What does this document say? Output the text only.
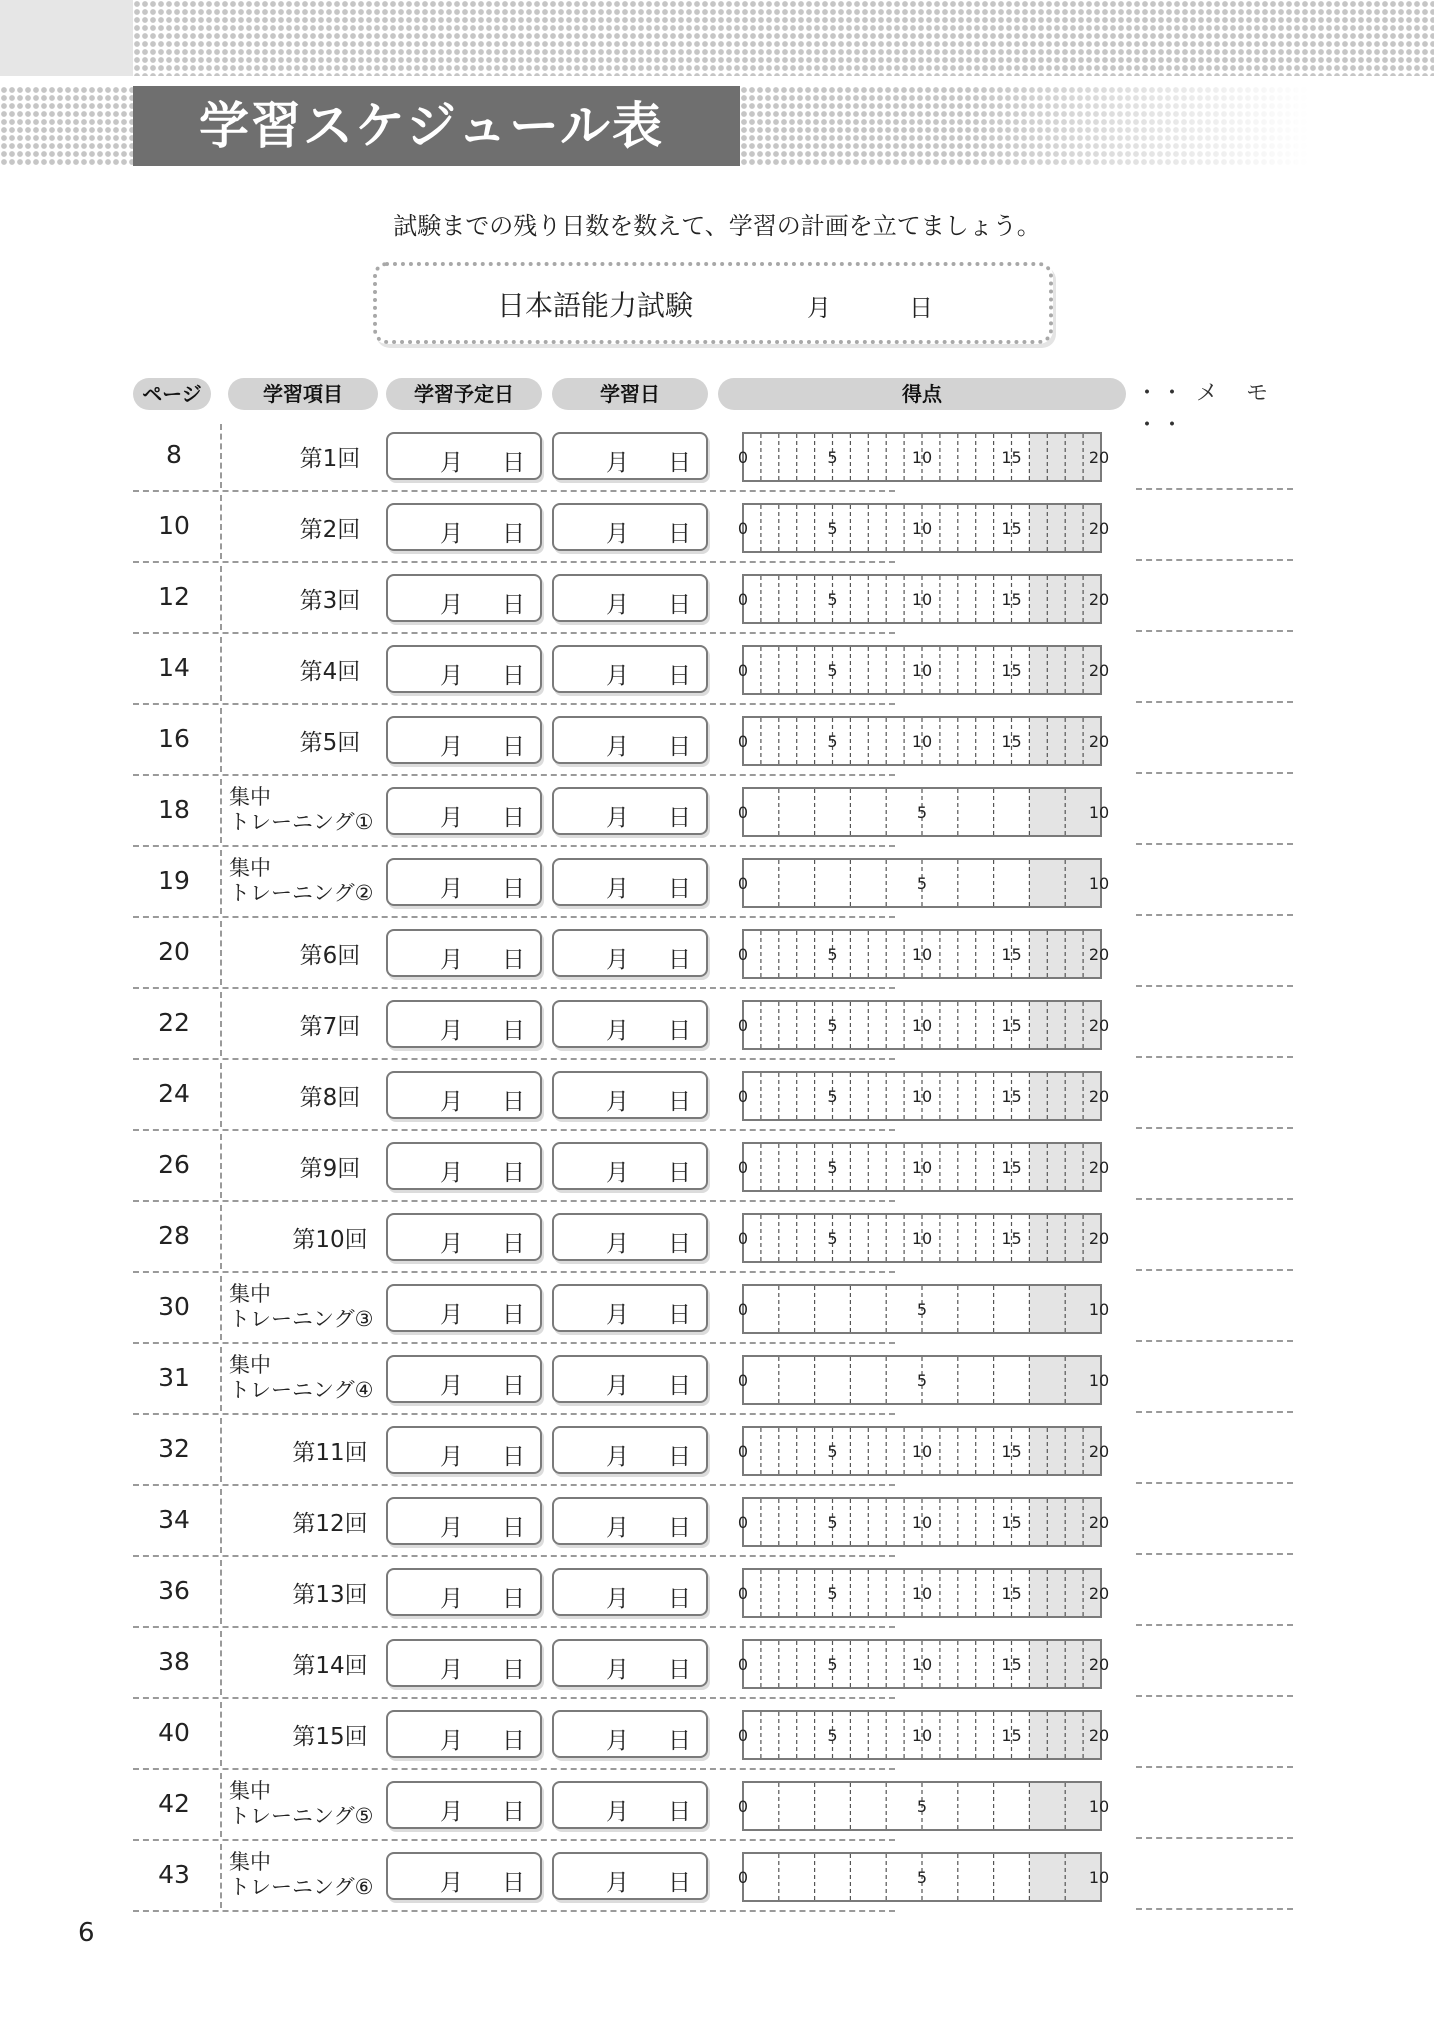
学習スケジュール表
試験までの残り日数を数えて、学習の計画を立てましょう。
日本語能力試験	月	日
ページ	学習項目	学習予定日	学習日	得点	・・ メ　モ ・・
8	第1回	月 日	月 日	0	5	10	15	20
10	第2回	月 日	月 日	0	5	10	15	20
12	第3回	月 日	月 日	0	5	10	15	20
14	第4回	月 日	月 日	0	5	10	15	20
16	第5回	月 日	月 日	0	5	10	15	20
18	集中
トレーニング①	月 日	月 日	0	5	10
19	集中
トレーニング②	月 日	月 日	0	5	10
20	第6回	月 日	月 日	0	5	10	15	20
22	第7回	月 日	月 日	0	5	10	15	20
24	第8回	月 日	月 日	0	5	10	15	20
26	第9回	月 日	月 日	0	5	10	15	20
28	第10回	月 日	月 日	0	5	10	15	20
30	集中
トレーニング③	月 日	月 日	0	5	10
31	集中
トレーニング④	月 日	月 日	0	5	10
32	第11回	月 日	月 日	0	5	10	15	20
34	第12回	月 日	月 日	0	5	10	15	20
36	第13回	月 日	月 日	0	5	10	15	20
38	第14回	月 日	月 日	0	5	10	15	20
40	第15回	月 日	月 日	0	5	10	15	20
42	集中
トレーニング⑤	月 日	月 日	0	5	10
43	集中
トレーニング⑥	月 日	月 日	0	5	10
6
